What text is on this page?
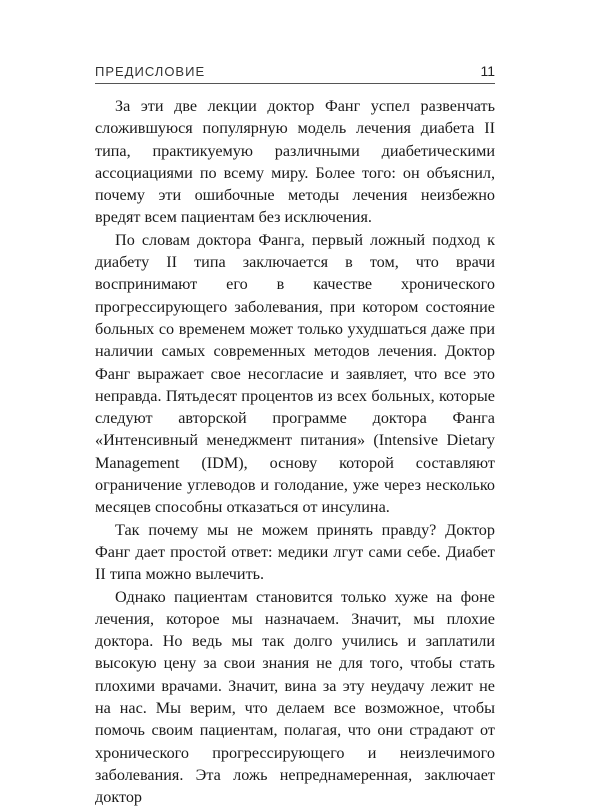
ПРЕДИСЛОВИЕ	11

За эти две лекции доктор Фанг успел развенчать сложившуюся популярную модель лечения диабета II типа, практикуемую различными диабетическими ассоциациями по всему миру. Более того: он объяснил, почему эти ошибочные методы лечения неизбежно вредят всем пациентам без исключения.

По словам доктора Фанга, первый ложный подход к диабету II типа заключается в том, что врачи воспринимают его в качестве хронического прогрессирующего заболевания, при котором состояние больных со временем может только ухудшаться даже при наличии самых современных методов лечения. Доктор Фанг выражает свое несогласие и заявляет, что все это неправда. Пятьдесят процентов из всех больных, которые следуют авторской программе доктора Фанга «Интенсивный менеджмент питания» (Intensive Dietary Management (IDM), основу которой составляют ограничение углеводов и голодание, уже через несколько месяцев способны отказаться от инсулина.

Так почему мы не можем принять правду? Доктор Фанг дает простой ответ: медики лгут сами себе. Диабет II типа можно вылечить.

Однако пациентам становится только хуже на фоне лечения, которое мы назначаем. Значит, мы плохие доктора. Но ведь мы так долго учились и заплатили высокую цену за свои знания не для того, чтобы стать плохими врачами. Значит, вина за эту неудачу лежит не на нас. Мы верим, что делаем все возможное, чтобы помочь своим пациентам, полагая, что они страдают от хронического прогрессирующего и неизлечимого заболевания. Эта ложь непреднамеренная, заключает доктор
